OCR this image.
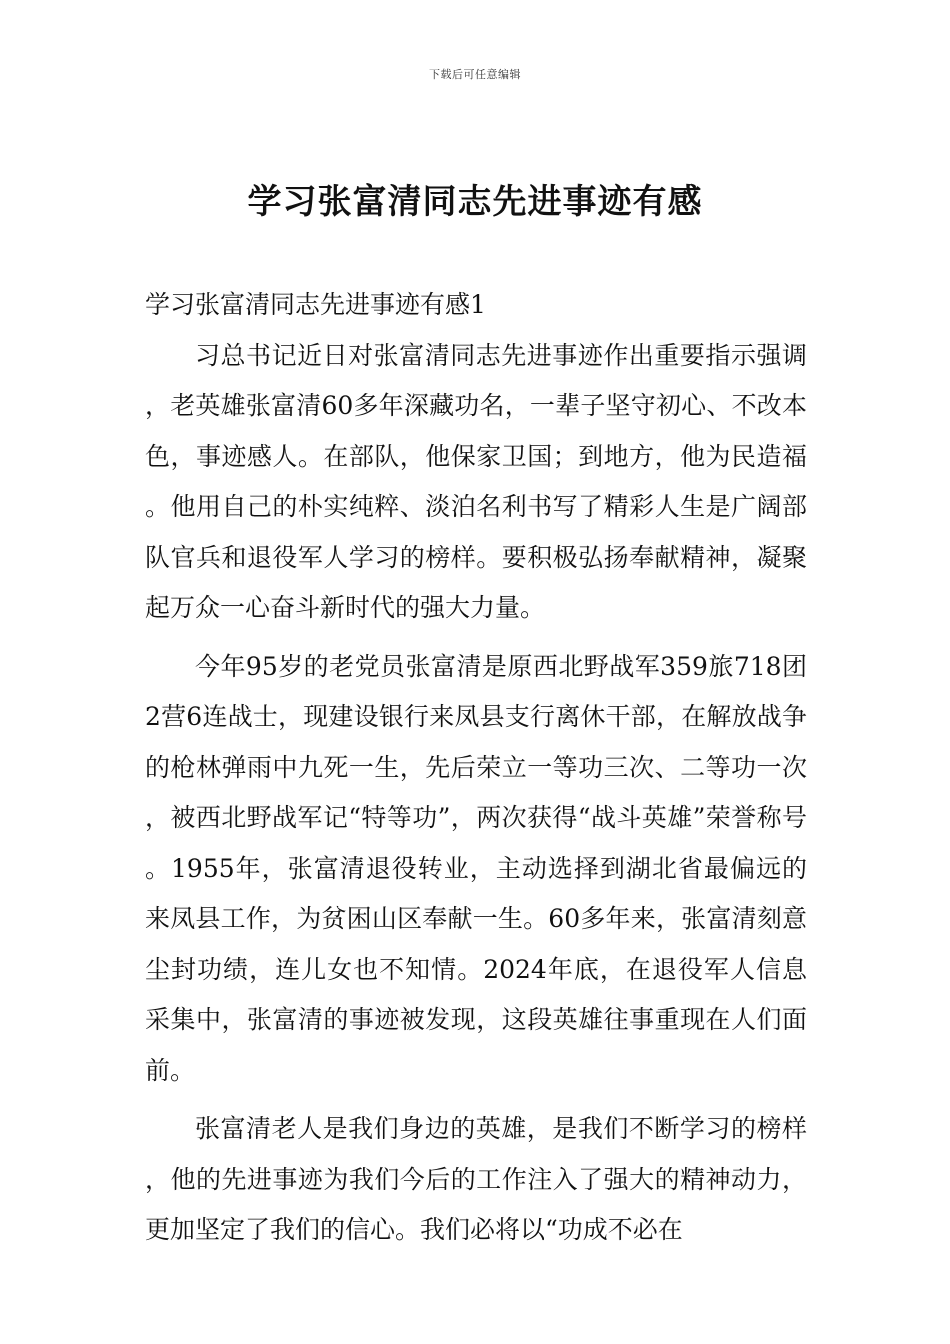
下载后可任意编辑
学习张富清同志先进事迹有感

学习张富清同志先进事迹有感1

习总书记近日对张富清同志先进事迹作出重要指示强调，老英雄张富清60多年深藏功名，一辈子坚守初心、不改本色，事迹感人。在部队，他保家卫国；到地方，他为民造福。他用自己的朴实纯粹、淡泊名利书写了精彩人生是广阔部队官兵和退役军人学习的榜样。要积极弘扬奉献精神，凝聚起万众一心奋斗新时代的强大力量。

今年95岁的老党员张富清是原西北野战军359旅718团2营6连战士，现建设银行来凤县支行离休干部，在解放战争的枪林弹雨中九死一生，先后荣立一等功三次、二等功一次，被西北野战军记“特等功”，两次获得“战斗英雄”荣誉称号。1955年，张富清退役转业，主动选择到湖北省最偏远的来凤县工作，为贫困山区奉献一生。60多年来，张富清刻意尘封功绩，连儿女也不知情。2024年底，在退役军人信息采集中，张富清的事迹被发现，这段英雄往事重现在人们面前。

张富清老人是我们身边的英雄，是我们不断学习的榜样，他的先进事迹为我们今后的工作注入了强大的精神动力，更加坚定了我们的信心。我们必将以“功成不必在
